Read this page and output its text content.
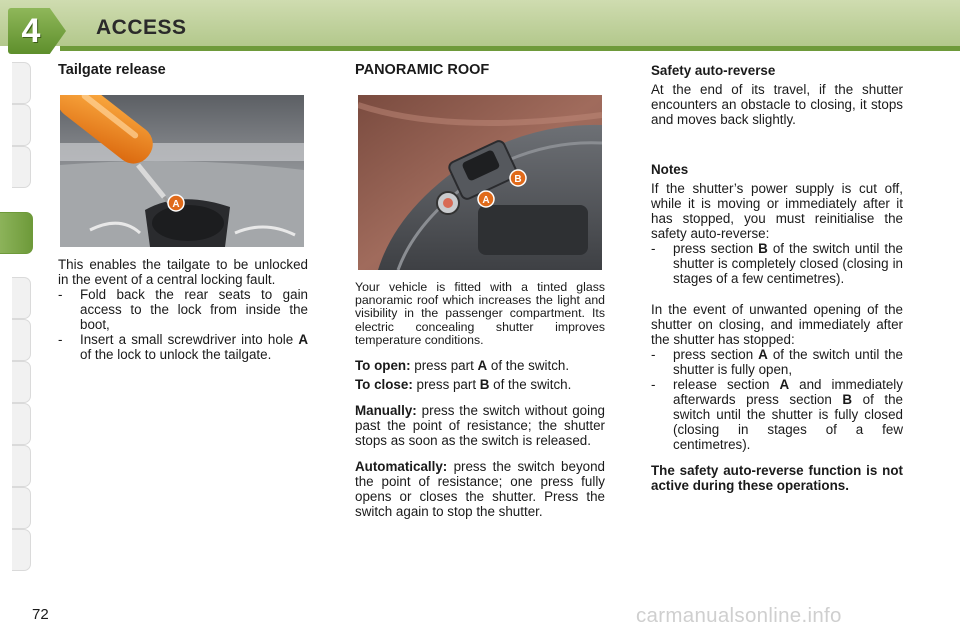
4	ACCESS
Tailgate release
A

This enables the tailgate to be unlocked in the event of a central locking fault.

-	Fold back the rear seats to gain access to the lock from inside the boot,
-	Insert a small screwdriver into hole A of the lock to unlock the tailgate.
PANORAMIC ROOF
B
A

Your vehicle is fitted with a tinted glass panoramic roof which increases the light and visibility in the passenger compartment. Its electric concealing shutter improves temperature conditions.

To open: press part A of the switch.

To close: press part B of the switch.

Manually: press the switch without going past the point of resistance; the shutter stops as soon as the switch is released.

Automatically: press the switch beyond the point of resistance; one press fully opens or closes the shutter. Press the switch again to stop the shutter.

Safety auto-reverse

At the end of its travel, if the shutter encounters an obstacle to closing, it stops and moves back slightly.

Notes

If the shutter’s power supply is cut off, while it is moving or immediately after it has stopped, you must reinitialise the safety auto-reverse:

-	press section B of the switch until the shutter is completely closed (closing in stages of a few centimetres).

In the event of unwanted opening of the shutter on closing, and immediately after the shutter has stopped:

-	press section A of the switch until the shutter is fully open,
-	release section A and immediately afterwards press section B of the switch until the shutter is fully closed (closing in stages of a few centimetres).

The safety auto-reverse function is not active during these operations.

72	carmanualsonline.info
